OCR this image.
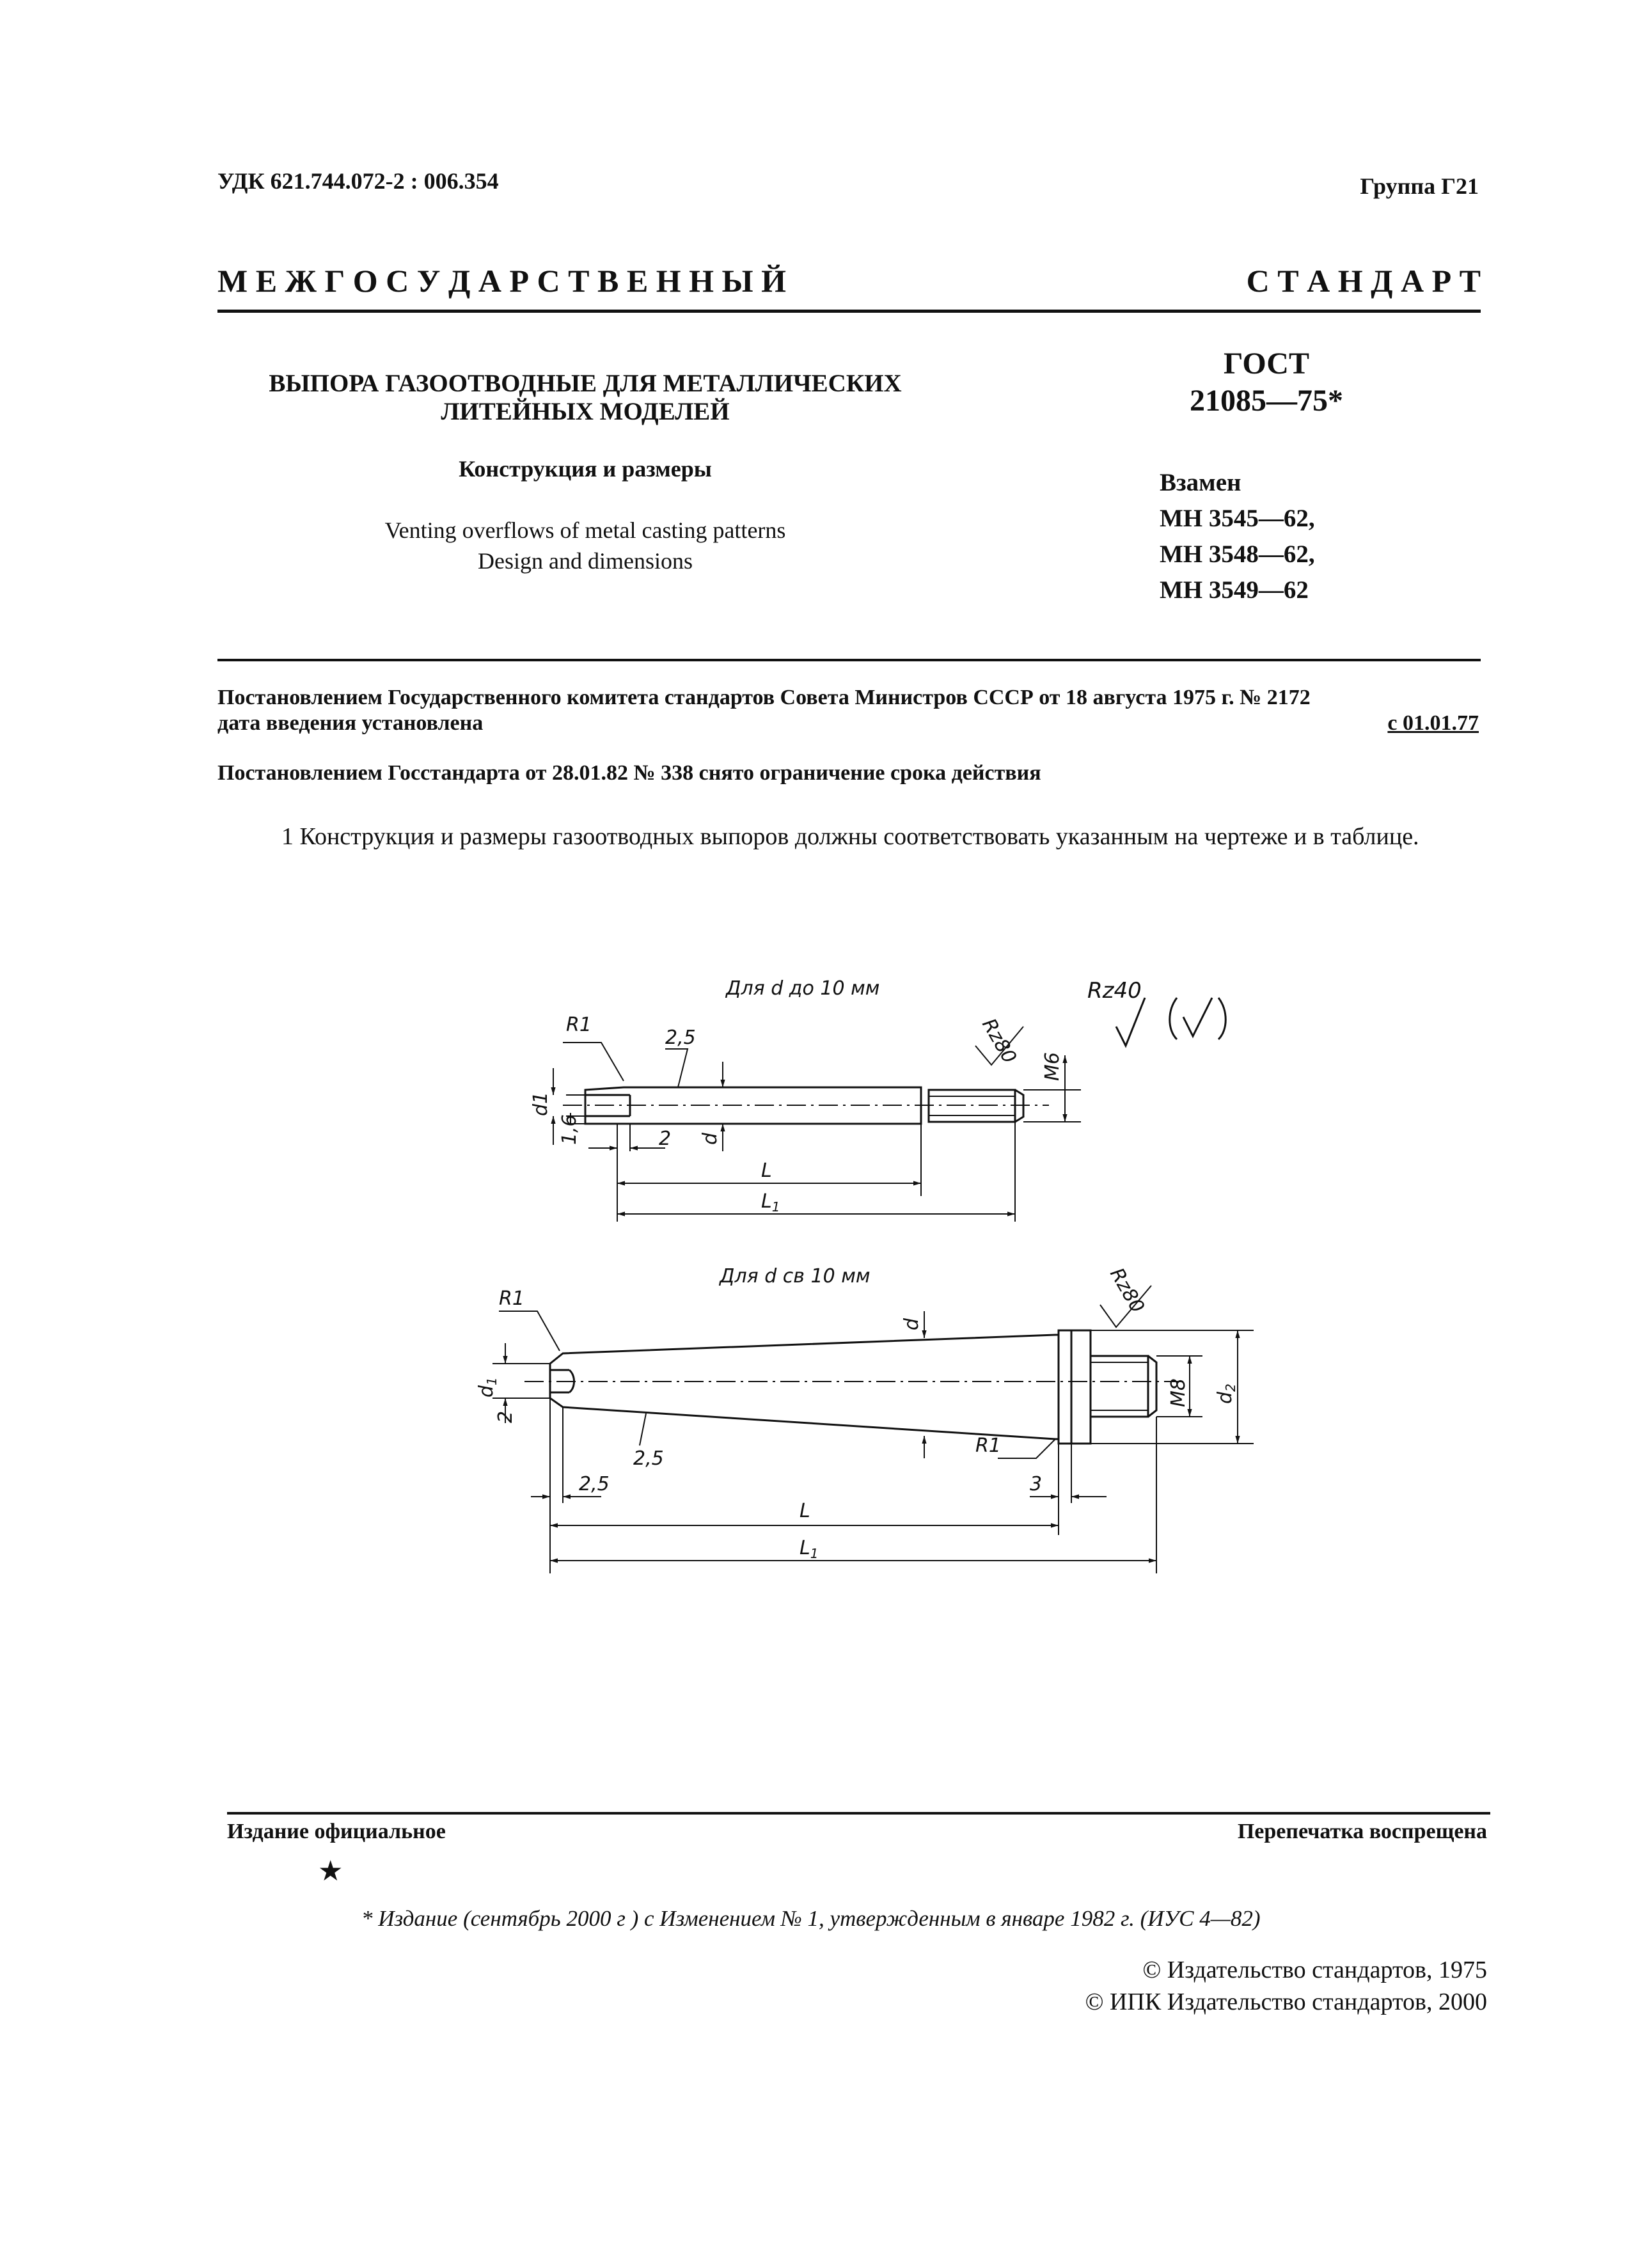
УДК 621.744.072-2 : 006.354	Группа Г21
М Е Ж Г О С У Д А Р С Т В Е Н Н Ы Й	С Т А Н Д А Р Т
ВЫПОРА ГАЗООТВОДНЫЕ ДЛЯ МЕТАЛЛИЧЕСКИХ
ЛИТЕЙНЫХ МОДЕЛЕЙ
Конструкция и размеры
Venting overflows of metal casting patterns
Design and dimensions
ГОСТ
21085—75*
Взамен
МН 3545—62,
МН 3548—62,
МН 3549—62
Постановлением Государственного комитета стандартов Совета Министров СССР от 18 августа 1975 г. № 2172
дата введения установлена	с 01.01.77
Постановлением Госстандарта от 28.01.82 № 338 снято ограничение срока действия
1 Конструкция и размеры газоотводных выпоров должны соответствовать указанным на чертеже и в таблице.
Для d до 10 мм	Rz40
R1
2,5
2
L
$L_1$
d1
1,6	d
Rz80 M6
Для d св 10 мм
R1
2,5
R1
2,5	3
L
$L_1$
$d_1$
2
d
Rz80
M8 $d_2$
Издание официальное	Перепечатка воспрещена
★
* Издание (сентябрь 2000 г ) с Изменением № 1, утвержденным в январе 1982 г. (ИУС 4—82)
© Издательство стандартов, 1975
© ИПК Издательство стандартов, 2000
